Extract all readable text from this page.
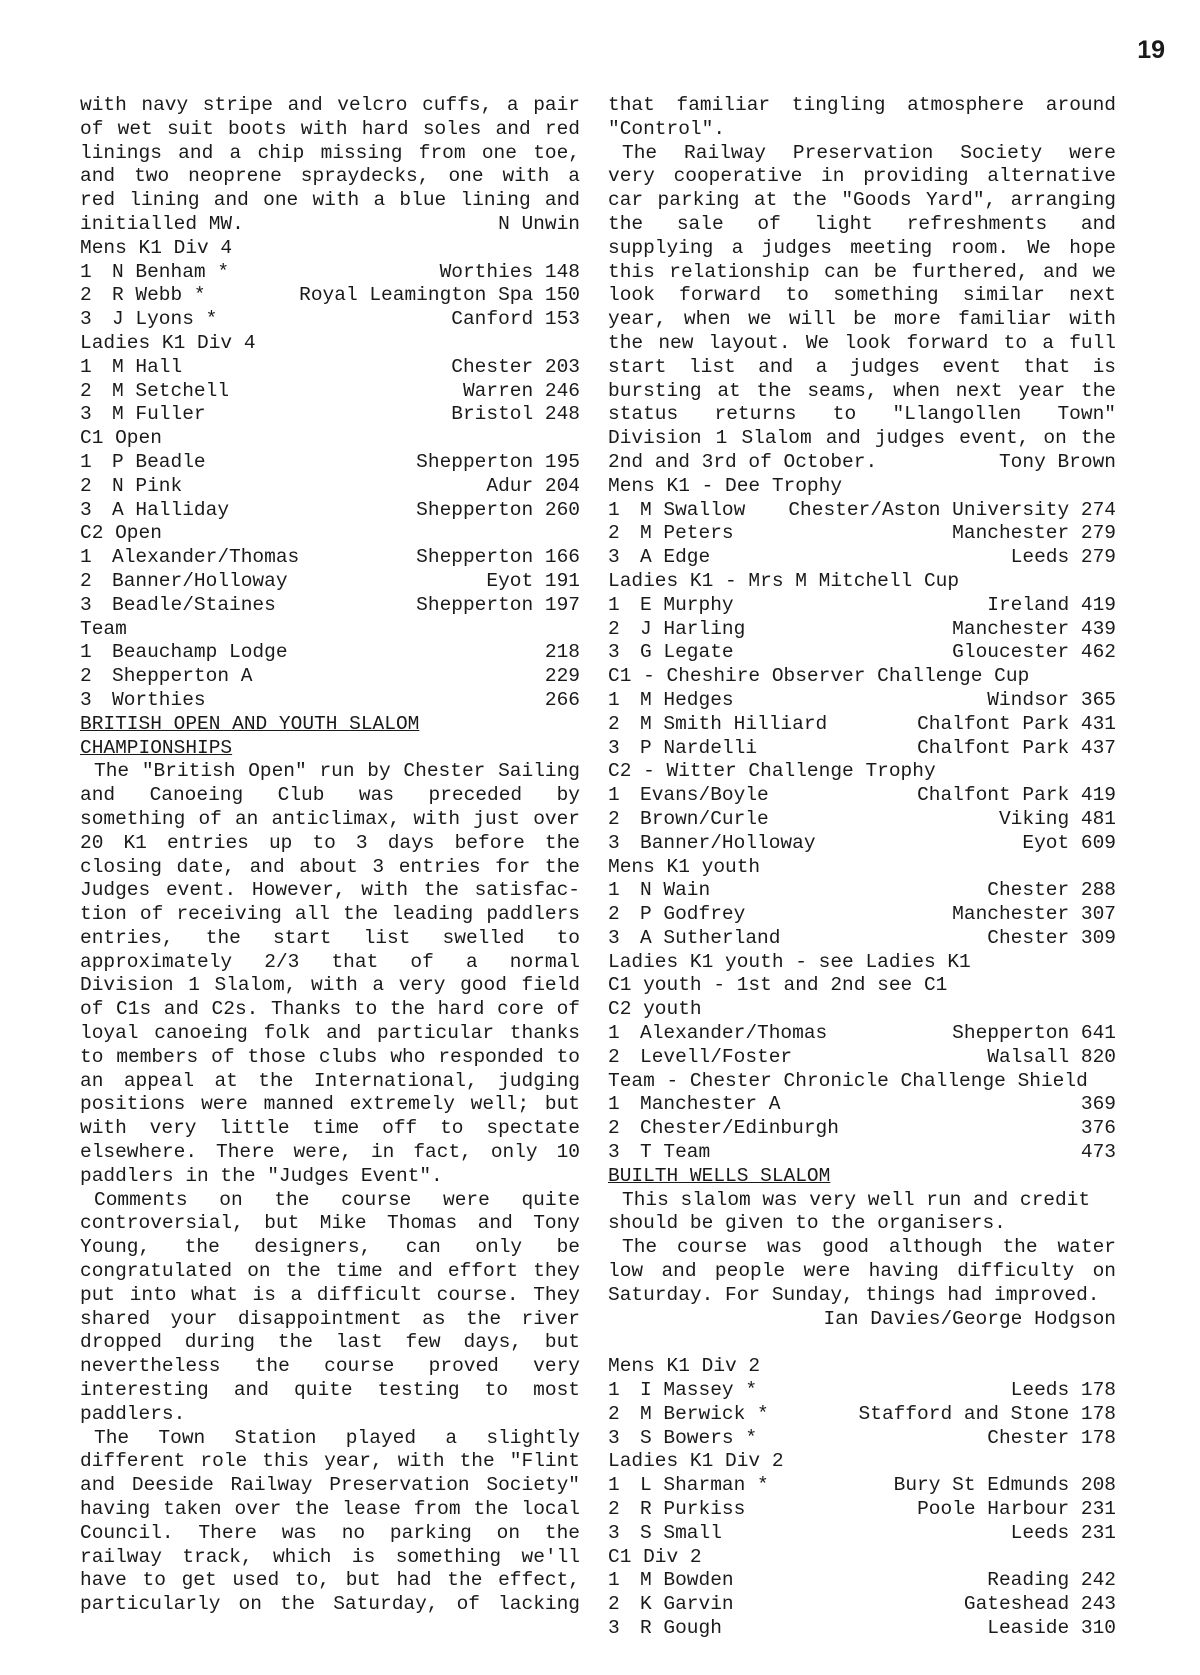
19
with navy stripe and velcro cuffs, a pair
of wet suit boots with hard soles and red
linings and a chip missing from one toe,
and two neoprene spraydecks, one with a
red lining and one with a blue lining and
initialled MW.	N Unwin
Mens K1 Div 4
1	N Benham *	Worthies 148
2	R Webb *	Royal Leamington Spa 150
3	J Lyons *	Canford 153
Ladies K1 Div 4
1	M Hall	Chester 203
2	M Setchell	Warren 246
3	M Fuller	Bristol 248
C1 Open
1	P Beadle	Shepperton 195
2	N Pink	Adur 204
3	A Halliday	Shepperton 260
C2 Open
1	Alexander/Thomas	Shepperton 166
2	Banner/Holloway	Eyot 191
3	Beadle/Staines	Shepperton 197
Team
1	Beauchamp Lodge	218
2	Shepperton A	229
3	Worthies	266
BRITISH OPEN AND YOUTH SLALOM
CHAMPIONSHIPS
The "British Open" run by Chester Sailing
and Canoeing Club was preceded by
something of an anticlimax, with just over
20 K1 entries up to 3 days before the
closing date, and about 3 entries for the
Judges event. However, with the satisfac-
tion of receiving all the leading paddlers
entries, the start list swelled to
approximately 2/3 that of a normal
Division 1 Slalom, with a very good field
of C1s and C2s. Thanks to the hard core of
loyal canoeing folk and particular thanks
to members of those clubs who responded to
an appeal at the International, judging
positions were manned extremely well; but
with very little time off to spectate
elsewhere. There were, in fact, only 10
paddlers in the "Judges Event".
Comments on the course were quite
controversial, but Mike Thomas and Tony
Young, the designers, can only be
congratulated on the time and effort they
put into what is a difficult course. They
shared your disappointment as the river
dropped during the last few days, but
nevertheless the course proved very
interesting and quite testing to most
paddlers.
The Town Station played a slightly
different role this year, with the "Flint
and Deeside Railway Preservation Society"
having taken over the lease from the local
Council. There was no parking on the
railway track, which is something we'll
have to get used to, but had the effect,
particularly on the Saturday, of lacking
that familiar tingling atmosphere around
"Control".
The Railway Preservation Society were
very cooperative in providing alternative
car parking at the "Goods Yard", arranging
the sale of light refreshments and
supplying a judges meeting room. We hope
this relationship can be furthered, and we
look forward to something similar next
year, when we will be more familiar with
the new layout. We look forward to a full
start list and a judges event that is
bursting at the seams, when next year the
status returns to "Llangollen Town"
Division 1 Slalom and judges event, on the
2nd and 3rd of October.	Tony Brown
Mens K1 - Dee Trophy
1	M Swallow	Chester/Aston University 274
2	M Peters	Manchester 279
3	A Edge	Leeds 279
Ladies K1 - Mrs M Mitchell Cup
1	E Murphy	Ireland 419
2	J Harling	Manchester 439
3	G Legate	Gloucester 462
C1 - Cheshire Observer Challenge Cup
1	M Hedges	Windsor 365
2	M Smith Hilliard	Chalfont Park 431
3	P Nardelli	Chalfont Park 437
C2 - Witter Challenge Trophy
1	Evans/Boyle	Chalfont Park 419
2	Brown/Curle	Viking 481
3	Banner/Holloway	Eyot 609
Mens K1 youth
1	N Wain	Chester 288
2	P Godfrey	Manchester 307
3	A Sutherland	Chester 309
Ladies K1 youth - see Ladies K1
C1 youth - 1st and 2nd see C1
C2 youth
1	Alexander/Thomas	Shepperton 641
2	Levell/Foster	Walsall 820
Team - Chester Chronicle Challenge Shield
1	Manchester A	369
2	Chester/Edinburgh	376
3	T Team	473
BUILTH WELLS SLALOM
This slalom was very well run and credit
should be given to the organisers.
The course was good although the water
low and people were having difficulty on
Saturday. For Sunday, things had improved.
Ian Davies/George Hodgson
Mens K1 Div 2
1	I Massey *	Leeds 178
2	M Berwick *	Stafford and Stone 178
3	S Bowers *	Chester 178
Ladies K1 Div 2
1	L Sharman *	Bury St Edmunds 208
2	R Purkiss	Poole Harbour 231
3	S Small	Leeds 231
C1 Div 2
1	M Bowden	Reading 242
2	K Garvin	Gateshead 243
3	R Gough	Leaside 310
